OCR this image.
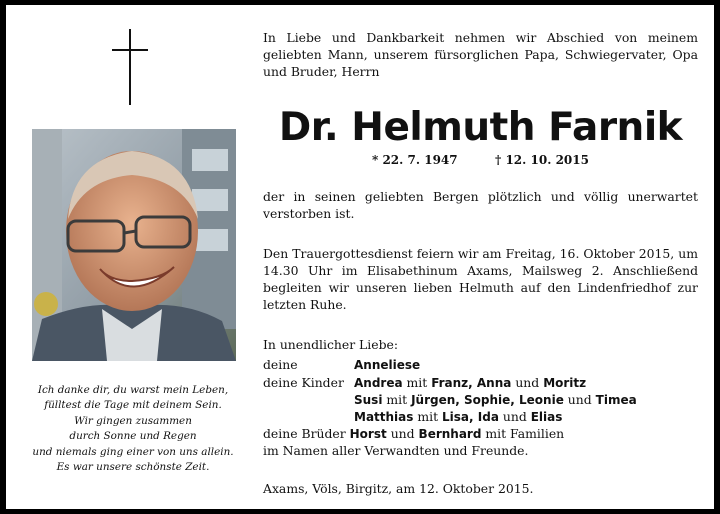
Ich danke dir, du warst mein Leben,
fülltest die Tage mit deinem Sein.
Wir gingen zusammen
durch Sonne und Regen
und niemals ging einer von uns allein.
Es war unsere schönste Zeit.
In Liebe und Dankbarkeit nehmen wir Abschied von meinem geliebten Mann, unserem fürsorglichen Papa, Schwiegervater, Opa und Bruder, Herrn
Dr. Helmuth Farnik
* 22. 7. 1947	† 12. 10. 2015
der in seinen geliebten Bergen plötzlich und völlig unerwartet verstorben ist.
Den Trauergottesdienst feiern wir am Freitag, 16. Oktober 2015, um 14.30 Uhr im Elisabethinum Axams, Mailsweg 2. Anschließend begleiten wir unseren lieben Helmuth auf den Lindenfriedhof zur letzten Ruhe.
In unendlicher Liebe:
deine	Anneliese
deine Kinder Andrea mit Franz, Anna und Moritz
Susi mit Jürgen, Sophie, Leonie und Timea
Matthias mit Lisa, Ida und Elias
deine Brüder Horst und Bernhard mit Familien
im Namen aller Verwandten und Freunde.
Axams, Völs, Birgitz, am 12. Oktober 2015.
